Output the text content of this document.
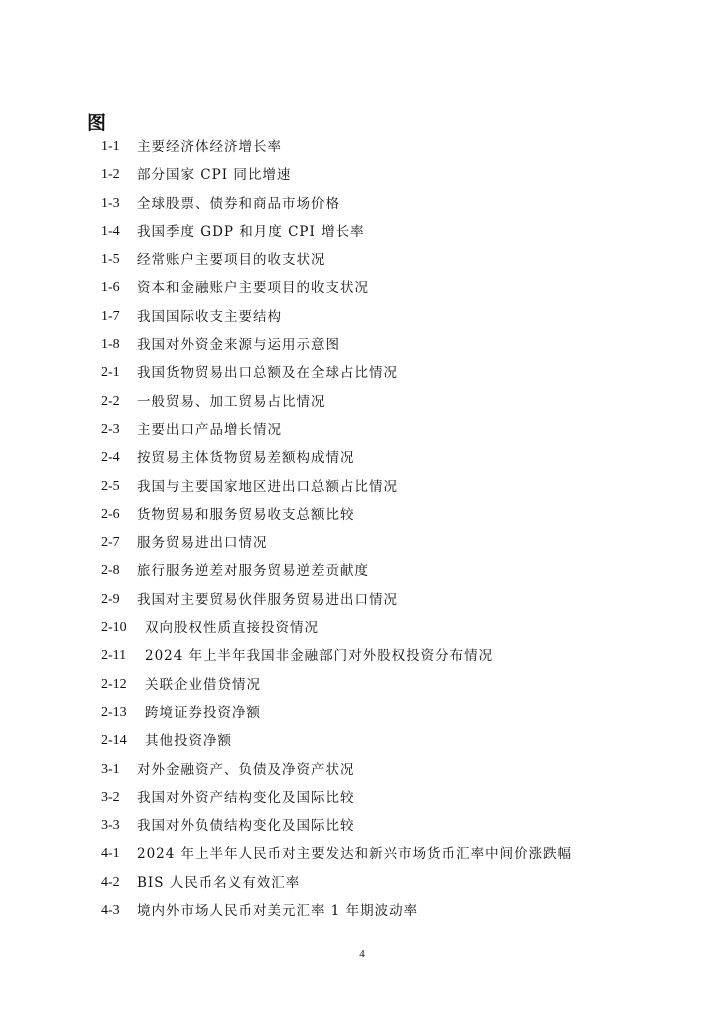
图
1-1	主要经济体经济增长率
1-2	部分国家 CPI 同比增速
1-3	全球股票、债券和商品市场价格
1-4	我国季度 GDP 和月度 CPI 增长率
1-5	经常账户主要项目的收支状况
1-6	资本和金融账户主要项目的收支状况
1-7	我国国际收支主要结构
1-8	我国对外资金来源与运用示意图
2-1	我国货物贸易出口总额及在全球占比情况
2-2	一般贸易、加工贸易占比情况
2-3	主要出口产品增长情况
2-4	按贸易主体货物贸易差额构成情况
2-5	我国与主要国家地区进出口总额占比情况
2-6	货物贸易和服务贸易收支总额比较
2-7	服务贸易进出口情况
2-8	旅行服务逆差对服务贸易逆差贡献度
2-9	我国对主要贸易伙伴服务贸易进出口情况
2-10	双向股权性质直接投资情况
2-11	2024 年上半年我国非金融部门对外股权投资分布情况
2-12	关联企业借贷情况
2-13	跨境证券投资净额
2-14	其他投资净额
3-1	对外金融资产、负债及净资产状况
3-2	我国对外资产结构变化及国际比较
3-3	我国对外负债结构变化及国际比较
4-1	2024 年上半年人民币对主要发达和新兴市场货币汇率中间价涨跌幅
4-2	BIS 人民币名义有效汇率
4-3	境内外市场人民币对美元汇率 1 年期波动率
4
